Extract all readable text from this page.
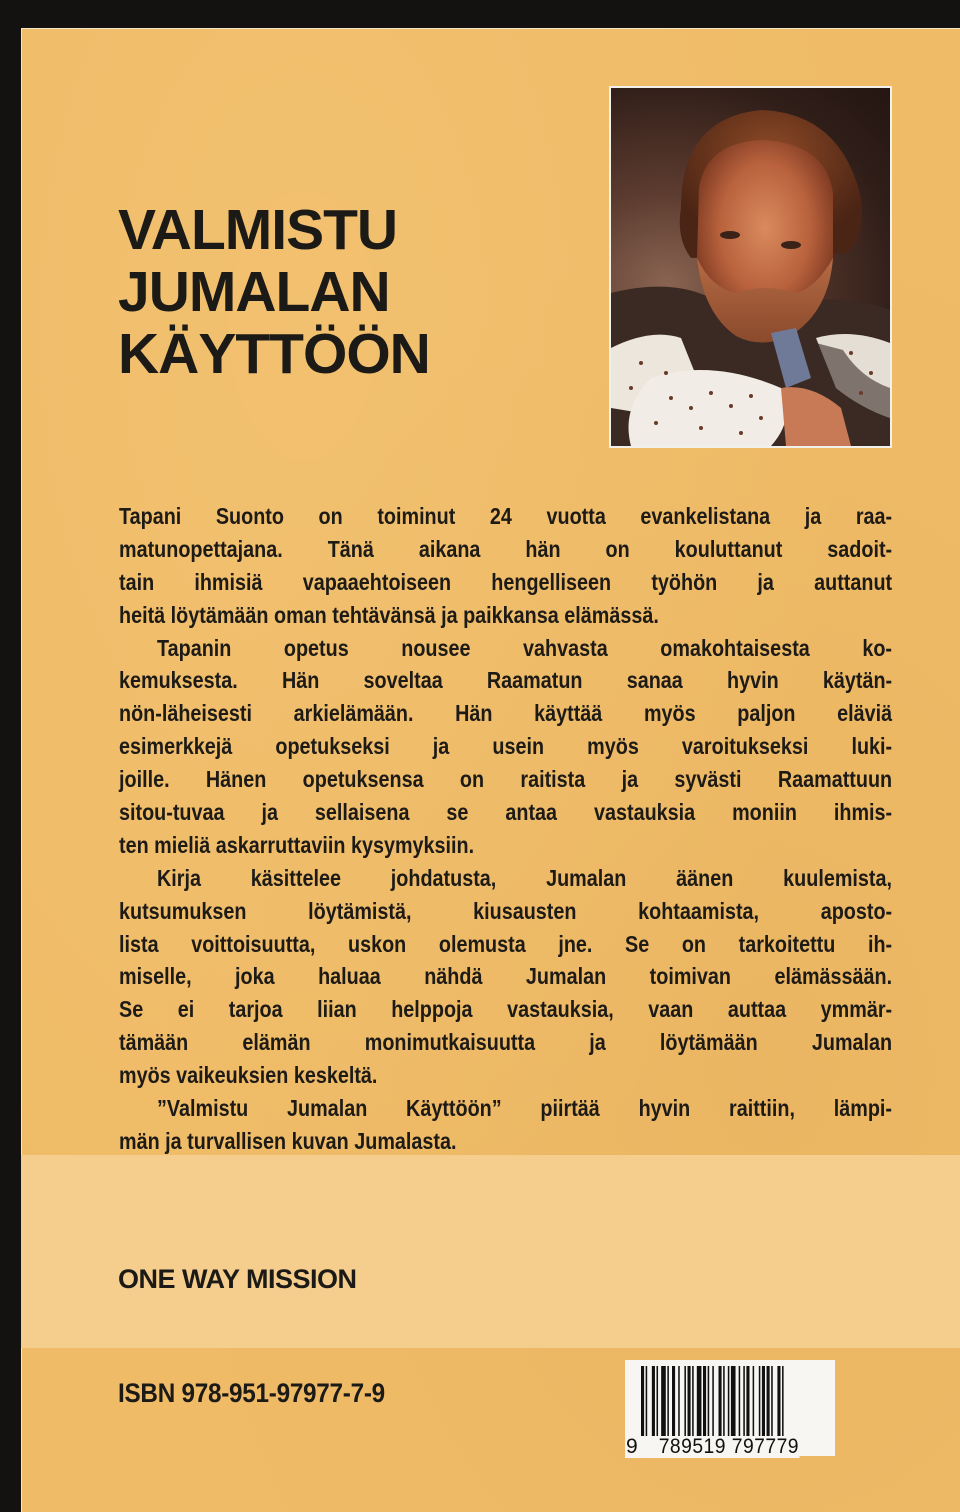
VALMISTU
JUMALAN
KÄYTTÖÖN
Tapani Suonto on toiminut 24 vuotta evankelistana ja raa-
matunopettajana. Tänä aikana hän on kouluttanut sadoit-
tain ihmisiä vapaaehtoiseen hengelliseen työhön ja auttanut
heitä löytämään oman tehtävänsä ja paikkansa elämässä.
Tapanin opetus nousee vahvasta omakohtaisesta ko-
kemuksesta. Hän soveltaa Raamatun sanaa hyvin käytän-
nön-läheisesti arkielämään. Hän käyttää myös paljon eläviä
esimerkkejä opetukseksi ja usein myös varoitukseksi luki-
joille. Hänen opetuksensa on raitista ja syvästi Raamattuun
sitou-tuvaa ja sellaisena se antaa vastauksia moniin ihmis-
ten mieliä askarruttaviin kysymyksiin.
Kirja käsittelee johdatusta, Jumalan äänen kuulemista,
kutsumuksen löytämistä, kiusausten kohtaamista, aposto-
lista voittoisuutta, uskon olemusta jne. Se on tarkoitettu ih-
miselle, joka haluaa nähdä Jumalan toimivan elämässään.
Se ei tarjoa liian helppoja vastauksia, vaan auttaa ymmär-
tämään elämän monimutkaisuutta ja löytämään Jumalan
myös vaikeuksien keskeltä.
”Valmistu Jumalan Käyttöön” piirtää hyvin raittiin, lämpi-
män ja turvallisen kuvan Jumalasta.
ONE WAY MISSION
ISBN 978-951-97977-7-9
9 789519 797779
